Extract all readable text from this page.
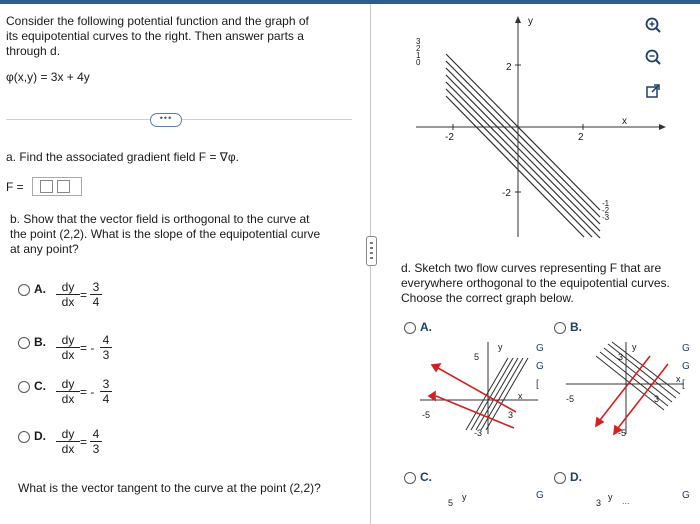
Consider the following potential function and the graph of
its equipotential curves to the right. Then answer parts a
through d.
φ(x,y) = 3x + 4y
•••
a. Find the associated gradient field F = ∇φ.
F =
b. Show that the vector field is orthogonal to the curve at
the point (2,2). What is the slope of the equipotential curve
at any point?
A. $\frac{dy}{dx} = \frac{3}{4}$
B. $\frac{dy}{dx}$ = - $\frac{4}{3}$
C. $\frac{dy}{dx}$ = - $\frac{3}{4}$
D. $\frac{dy}{dx} = \frac{4}{3}$
What is the vector tangent to the curve at the point (2,2)?
y
x
-2	2
2
-2
3
2
1
0
-1
-2
-3
d. Sketch two flow curves representing F that are
everywhere orthogonal to the equipotential curves.
Choose the correct graph below.
A.
y
5
x
-5	3
-3
G
G
[
B.
y
3
x
-5	3
-5
G
G
[
C.
5
y	G
D.
3
y ...	G
